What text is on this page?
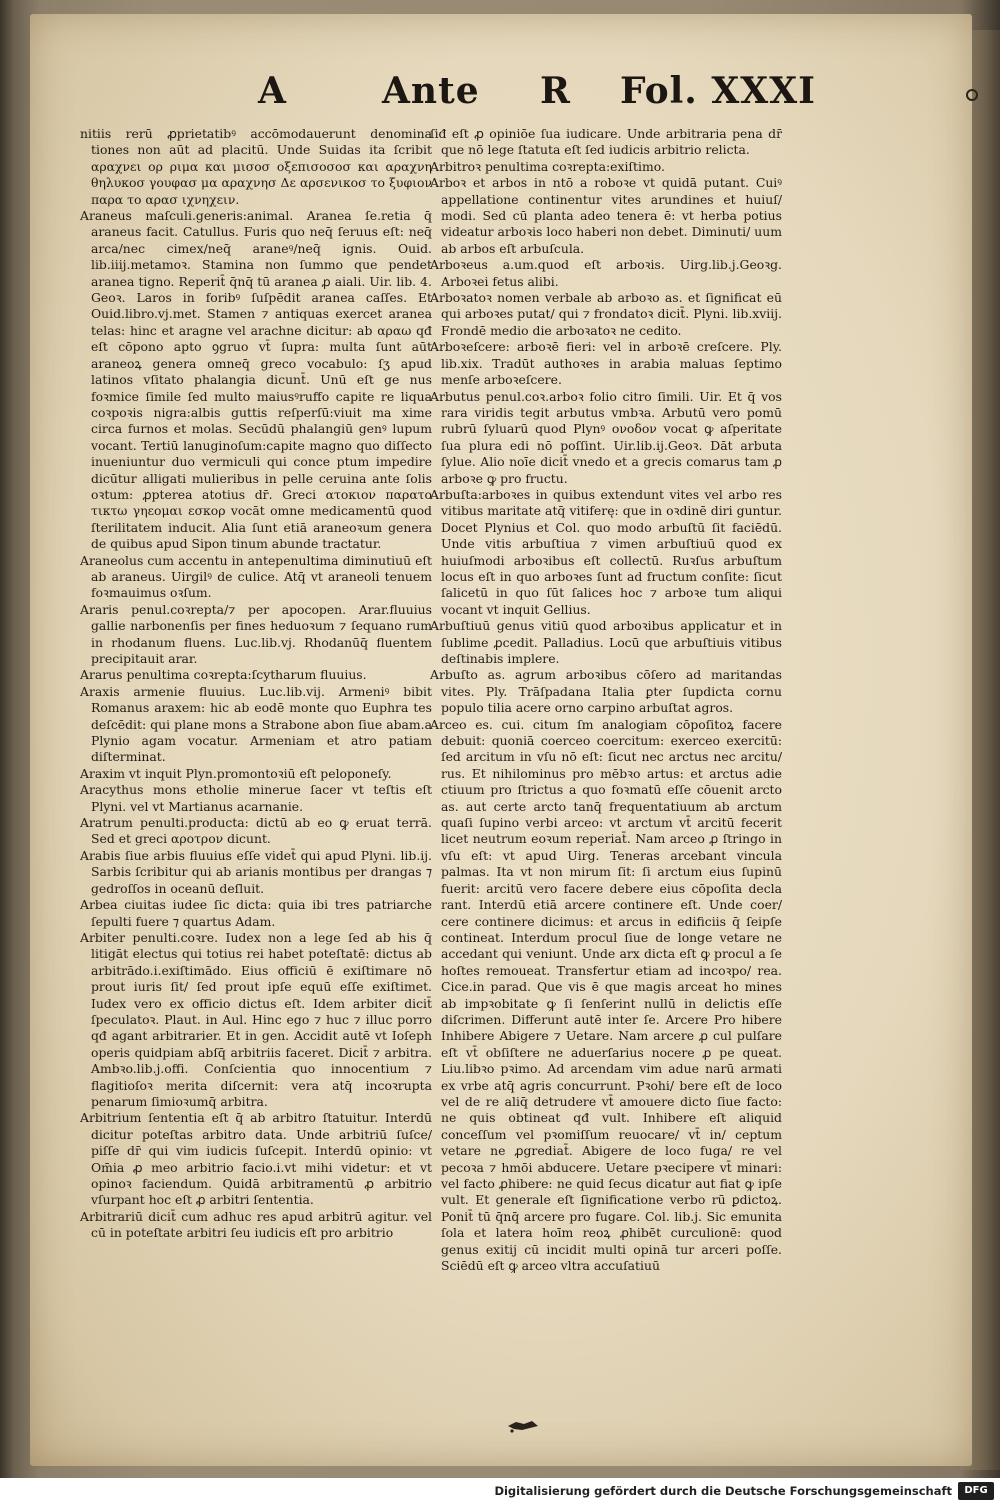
A	Ante R Fol. XXXI

nitiis rerū ꝓprietatibꝰ accōmodauerunt denomina tiones non aūt ad placitū. Unde Suidas ita ſcribit αραχνει ορ ριμα και μισοσ οξεπισοσοσ και αραχνη θηλυκοσ γουφασ μα αραχνησ Δε αρσενικοσ το ξυφιον παρα το αρασ ιχνηχειν.

Araneus maſculi.generis:animal. Aranea ſe.retia q̄ araneus facit. Catullus. Furis quo neq̄ ſeruus eſt: neq̄ arca/nec cimex/neq̄ araneꝰ/neq̄ ignis. Ouid. lib.iiij.metamoꝛ. Stamina non ſummo que pendet aranea tigno. Reperit̄ q̄nq̄ tū aranea ꝓ aiali. Uir. lib. 4. Geoꝛ. Laros in foribꝰ ſuſpēdit aranea caſſes. Et Ouid.libro.vj.met. Stamen ⁊ antiquas exercet aranea telas: hinc et aragne vel arachne dicitur: ab αραω qđ eſt cōpono apto ꝯgruo vt̄ ſupra: multa ſunt aūt araneoꝝ genera omneq̄ greco vocabulo: ſʒ apud latinos vſitato phalangia dicunt̄. Unū eſt ge nus foꝛmice ſimile ſed multo maiusꝰruffo capite re liqua coꝛpoꝛis nigra:albis guttis reſperſū:viuit ma xime circa furnos et molas. Secūdū phalangiū genꝰ lupum vocant. Tertiū lanuginoſum:capite magno quo diſſecto inueniuntur duo vermiculi qui conce ptum impedire dicūtur alligati mulieribus in pelle ceruina ante ſolis oꝛtum: ꝓpterea atotius dr̄. Greci ατοκιον παρατο τικτω γηεομαι εσκορ vocāt omne medicamentū quod ſterilitatem inducit. Alia ſunt etiā araneoꝛum genera de quibus apud Sipon tinum abunde tractatur.

Araneolus cum accentu in antepenultima diminutiuū eſt ab araneus. Uirgilꝰ de culice. Atq̄ vt araneoli tenuem foꝛmauimus oꝛſum.

Araris penul.coꝛrepta/⁊ per apocopen. Arar.fluuius gallie narbonenſis per fines heduoꝛum ⁊ ſequano rum in rhodanum fluens. Luc.lib.vj. Rhodanūq̄ fluentem precipitauit arar.

Ararus penultima coꝛrepta:ſcytharum fluuius.

Araxis armenie fluuius. Luc.lib.vij. Armeniꝰ bibit Romanus araxem: hic ab eodē monte quo Euphra tes deſcēdit: qui plane mons a Strabone abon ſiue abam.a Plynio agam vocatur. Armeniam et atro patiam diſterminat.

Araxim vt inquit Plyn.promontoꝛiū eſt peloponeſy.

Aracythus mons etholie minerue ſacer vt teſtis eſt Plyni. vel vt Martianus acarnanie.

Aratrum penulti.producta: dictū ab eo ꝙ eruat terrā. Sed et greci αροτρον dicunt.

Arabis ſiue arbis fluuius eſſe videt̄ qui apud Plyni. lib.ij. Sarbis ſcribitur qui ab arianis montibus per drangas ⁊ gedroſſos in oceanū deſluit.

Arbea ciuitas iudee ſic dicta: quia ibi tres patriarche ſepulti fuere ⁊ quartus Adam.

Arbiter penulti.coꝛre. Iudex non a lege ſed ab his q̄ litigāt electus qui totius rei habet poteſtatē: dictus ab arbitrādo.i.exiſtimādo. Eius officiū ē exiſtimare nō prout iuris ſit/ ſed prout ipſe equū eſſe exiſtimet. Iudex vero ex officio dictus eſt. Idem arbiter dicit̄ ſpeculatoꝛ. Plaut. in Aul. Hinc ego ⁊ huc ⁊ illuc porro qđ agant arbitrarier. Et in gen. Accidit autē vt Ioſeph operis quidpiam abſq̄ arbitriis faceret. Dicit̄ ⁊ arbitra. Ambꝛo.lib.j.offi. Conſcientia quo innocentium ⁊ flagitioſoꝛ merita diſcernit: vera atq̄ incoꝛrupta penarum ſimioꝛumq̄ arbitra.

Arbitrium ſententia eſt q̄ ab arbitro ſtatuitur. Interdū dicitur poteſtas arbitro data. Unde arbitriū ſuſce/ piſſe dr̄ qui vim iudicis ſuſcepit. Interdū opinio: vt Om̄ia ꝓ meo arbitrio facio.i.vt mihi videtur: et vt opinoꝛ faciendum. Quidā arbitramentū ꝓ arbitrio vſurpant hoc eſt ꝓ arbitri ſententia.

Arbitrariū dicit̄ cum adhuc res apud arbitrū agitur. vel cū in poteſtate arbitri ſeu iudicis eſt pro arbitrio

ſiđ eſt ꝓ opiniōe ſua iudicare. Unde arbitraria pena dr̄ que nō lege ſtatuta eſt ſed iudicis arbitrio relicta.

Arbitroꝛ penultima coꝛrepta:exiſtimo.

Arboꝛ et arbos in ntō a roboꝛe vt quidā putant. Cuiꝰ appellatione continentur vites arundines et huiuſ/ modi. Sed cū planta adeo tenera ē: vt herba potius videatur arboꝛis loco haberi non debet. Diminuti/ uum ab arbos eſt arbuſcula.

Arboꝛeus a.um.quod eſt arboꝛis. Uirg.lib.j.Geoꝛg. Arboꝛei fetus alibi.

Arboꝛatoꝛ nomen verbale ab arboꝛo as. et ſignificat eū qui arboꝛes putat/ qui ⁊ frondatoꝛ dicit̄. Plyni. lib.xviij. Frondē medio die arboꝛatoꝛ ne cedito.

Arboꝛeſcere: arboꝛē fieri: vel in arboꝛē creſcere. Ply. lib.xix. Tradūt authoꝛes in arabia maluas ſeptimo menſe arboꝛeſcere.

Arbutus penul.coꝛ.arboꝛ folio citro ſimili. Uir. Et q̄ vos rara viridis tegit arbutus vmbꝛa. Arbutū vero pomū rubrū ſyluarū quod Plynꝰ ονοδον vocat ꝙ aſperitate ſua plura edi nō poſſint. Uir.lib.ij.Geoꝛ. Dāt arbuta ſylue. Alio noīe dicit̄ vnedo et a grecis comarus tam ꝓ arboꝛe ꝙ pro fructu.

Arbuſta:arboꝛes in quibus extendunt vites vel arbo res vitibus maritate atq̄ vitiferę: que in oꝛdinē diri guntur. Docet Plynius et Col. quo modo arbuſtū ſit faciēdū. Unde vitis arbuſtiua ⁊ vimen arbuſtiuū quod ex huiuſmodi arboꝛibus eſt collectū. Ruꝛſus arbuſtum locus eſt in quo arboꝛes ſunt ad fructum conſite: ſicut ſalicetū in quo ſūt ſalices hoc ⁊ arboꝛe tum aliqui vocant vt inquit Gellius.

Arbuſtiuū genus vitiū quod arboꝛibus applicatur et in ſublime ꝓcedit. Palladius. Locū que arbuſtiuis vitibus deſtinabis implere.

Arbuſto as. agrum arboꝛibus cōſero ad maritandas vites. Ply. Trāſpadana Italia ꝑter ſupdicta cornu populo tilia acere orno carpino arbuſtat agros.

Arceo es. cui. citum ſm analogiam cōpoſitoꝝ facere debuit: quoniā coerceo coercitum: exerceo exercitū: ſed arcitum in vſu nō eſt: ſicut nec arctus nec arcitu/ rus. Et nihilominus pro mēbꝛo artus: et arctus adie ctiuum pro ſtrictus a quo foꝛmatū eſſe cōuenit arcto as. aut certe arcto tanq̄ frequentatiuum ab arctum quaſi ſupino verbi arceo: vt arctum vt̄ arcitū fecerit licet neutrum eoꝛum reperiat̄. Nam arceo ꝓ ſtringo in vſu eſt: vt apud Uirg. Teneras arcebant vincula palmas. Ita vt non mirum ſit: ſi arctum eius ſupinū fuerit: arcitū vero facere debere eius cōpoſita decla rant. Interdū etiā arcere continere eſt. Unde coer/ cere continere dicimus: et arcus in edificiis q̄ ſeipſe contineat. Interdum procul ſiue de longe vetare ne accedant qui veniunt. Unde arx dicta eſt ꝙ procul a ſe hoſtes remoueat. Transfertur etiam ad incoꝛpo/ rea. Cice.in parad. Que vis ē que magis arceat ho mines ab impꝛobitate ꝙ ſi ſenſerint nullū in delictis eſſe diſcrimen. Differunt autē inter ſe. Arcere Pro hibere Inhibere Abigere ⁊ Uetare. Nam arcere ꝓ cul pulſare eſt vt̄ obſiſtere ne aduerſarius nocere ꝓ pe queat. Liu.libꝛo pꝛimo. Ad arcendam vim adue narū armati ex vrbe atq̄ agris concurrunt. Pꝛohi/ bere eſt de loco vel de re aliq̄ detrudere vt̄ amouere dicto ſiue facto: ne quis obtineat qđ vult. Inhibere eſt aliquid conceſſum vel pꝛomiſſum reuocare/ vt̄ in/ ceptum vetare ne ꝓgrediat̄. Abigere de loco fuga/ re vel pecoꝛa ⁊ hmōi abducere. Uetare pꝛecipere vt̄ minari: vel facto ꝓhibere: ne quid ſecus dicatur aut fiat ꝙ ipſe vult. Et generale eſt ſignificatione verbo rū ꝑdictoꝝ. Ponit̄ tū q̄nq̄ arcere pro fugare. Col. lib.j. Sic emunita ſola et latera hoīm reoꝝ ꝓhibēt curculionē: quod genus exitij cū incidit multi opinā tur arceri poſſe. Sciēdū eſt ꝙ arceo vltra accuſatiuū

Digitalisierung gefördert durch die Deutsche Forschungsgemeinschaft	DFG
